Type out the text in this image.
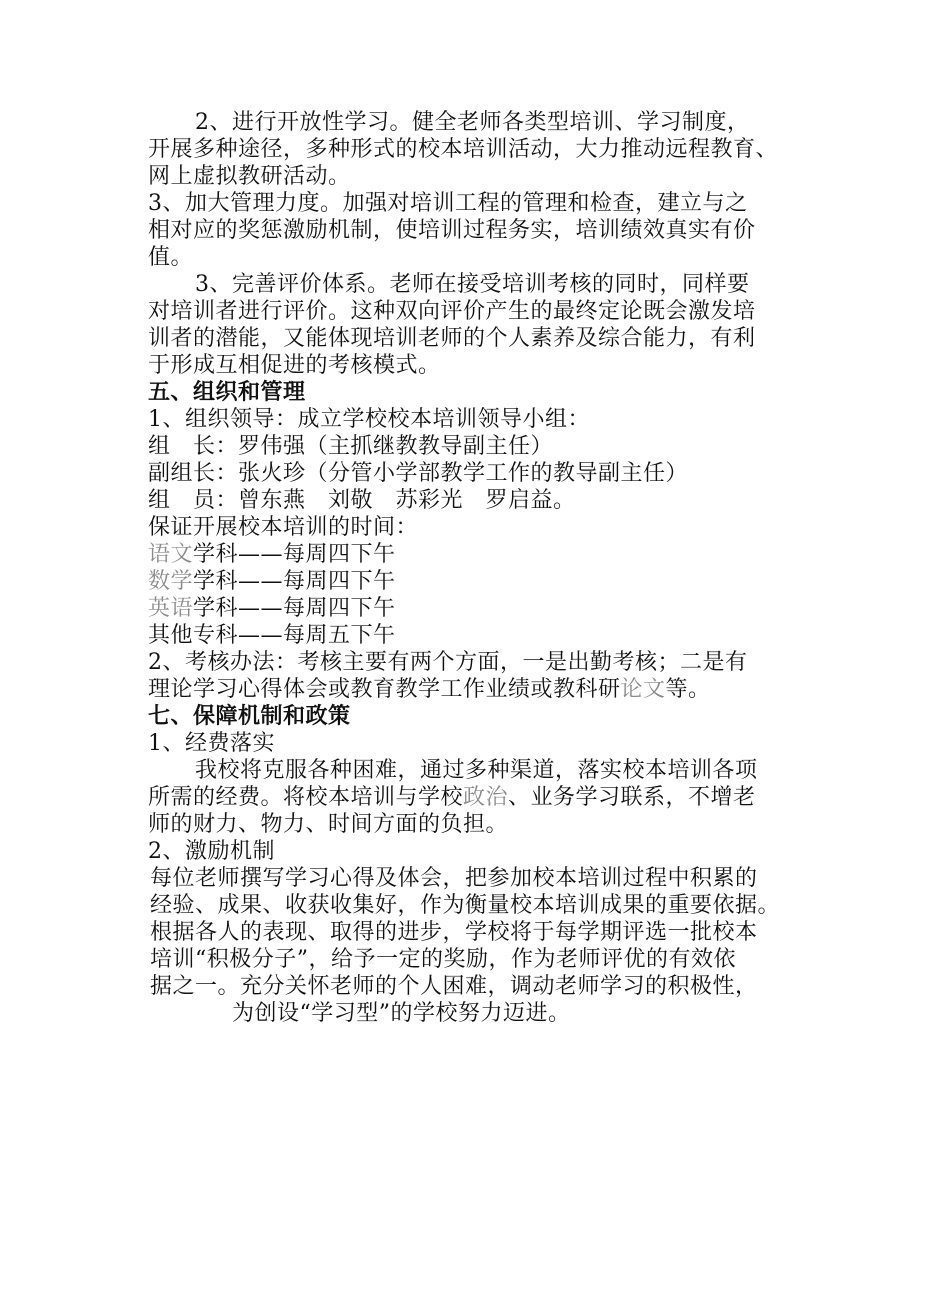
2、进行开放性学习。健全老师各类型培训、学习制度，
开展多种途径，多种形式的校本培训活动，大力推动远程教育、
网上虚拟教研活动。
3、加大管理力度。加强对培训工程的管理和检查，建立与之
相对应的奖惩激励机制，使培训过程务实，培训绩效真实有价
值。
3、完善评价体系。老师在接受培训考核的同时，同样要
对培训者进行评价。这种双向评价产生的最终定论既会激发培
训者的潜能，又能体现培训老师的个人素养及综合能力，有利
于形成互相促进的考核模式。
五、组织和管理
1、组织领导：成立学校校本培训领导小组：
组　长：罗伟强（主抓继教教导副主任）
副组长：张火珍（分管小学部教学工作的教导副主任）
组　员：曾东燕　刘敬　苏彩光　罗启益。
保证开展校本培训的时间：
语文学科——每周四下午
数学学科——每周四下午
英语学科——每周四下午
其他专科——每周五下午
2、考核办法：考核主要有两个方面，一是出勤考核；二是有
理论学习心得体会或教育教学工作业绩或教科研论文等。
七、保障机制和政策
1、经费落实
我校将克服各种困难，通过多种渠道，落实校本培训各项
所需的经费。将校本培训与学校政治、业务学习联系，不增老
师的财力、物力、时间方面的负担。
2、激励机制
每位老师撰写学习心得及体会，把参加校本培训过程中积累的
经验、成果、收获收集好，作为衡量校本培训成果的重要依据。
根据各人的表现、取得的进步，学校将于每学期评选一批校本
培训“积极分子”，给予一定的奖励，作为老师评优的有效依
据之一。充分关怀老师的个人困难，调动老师学习的积极性，
为创设“学习型”的学校努力迈进。
